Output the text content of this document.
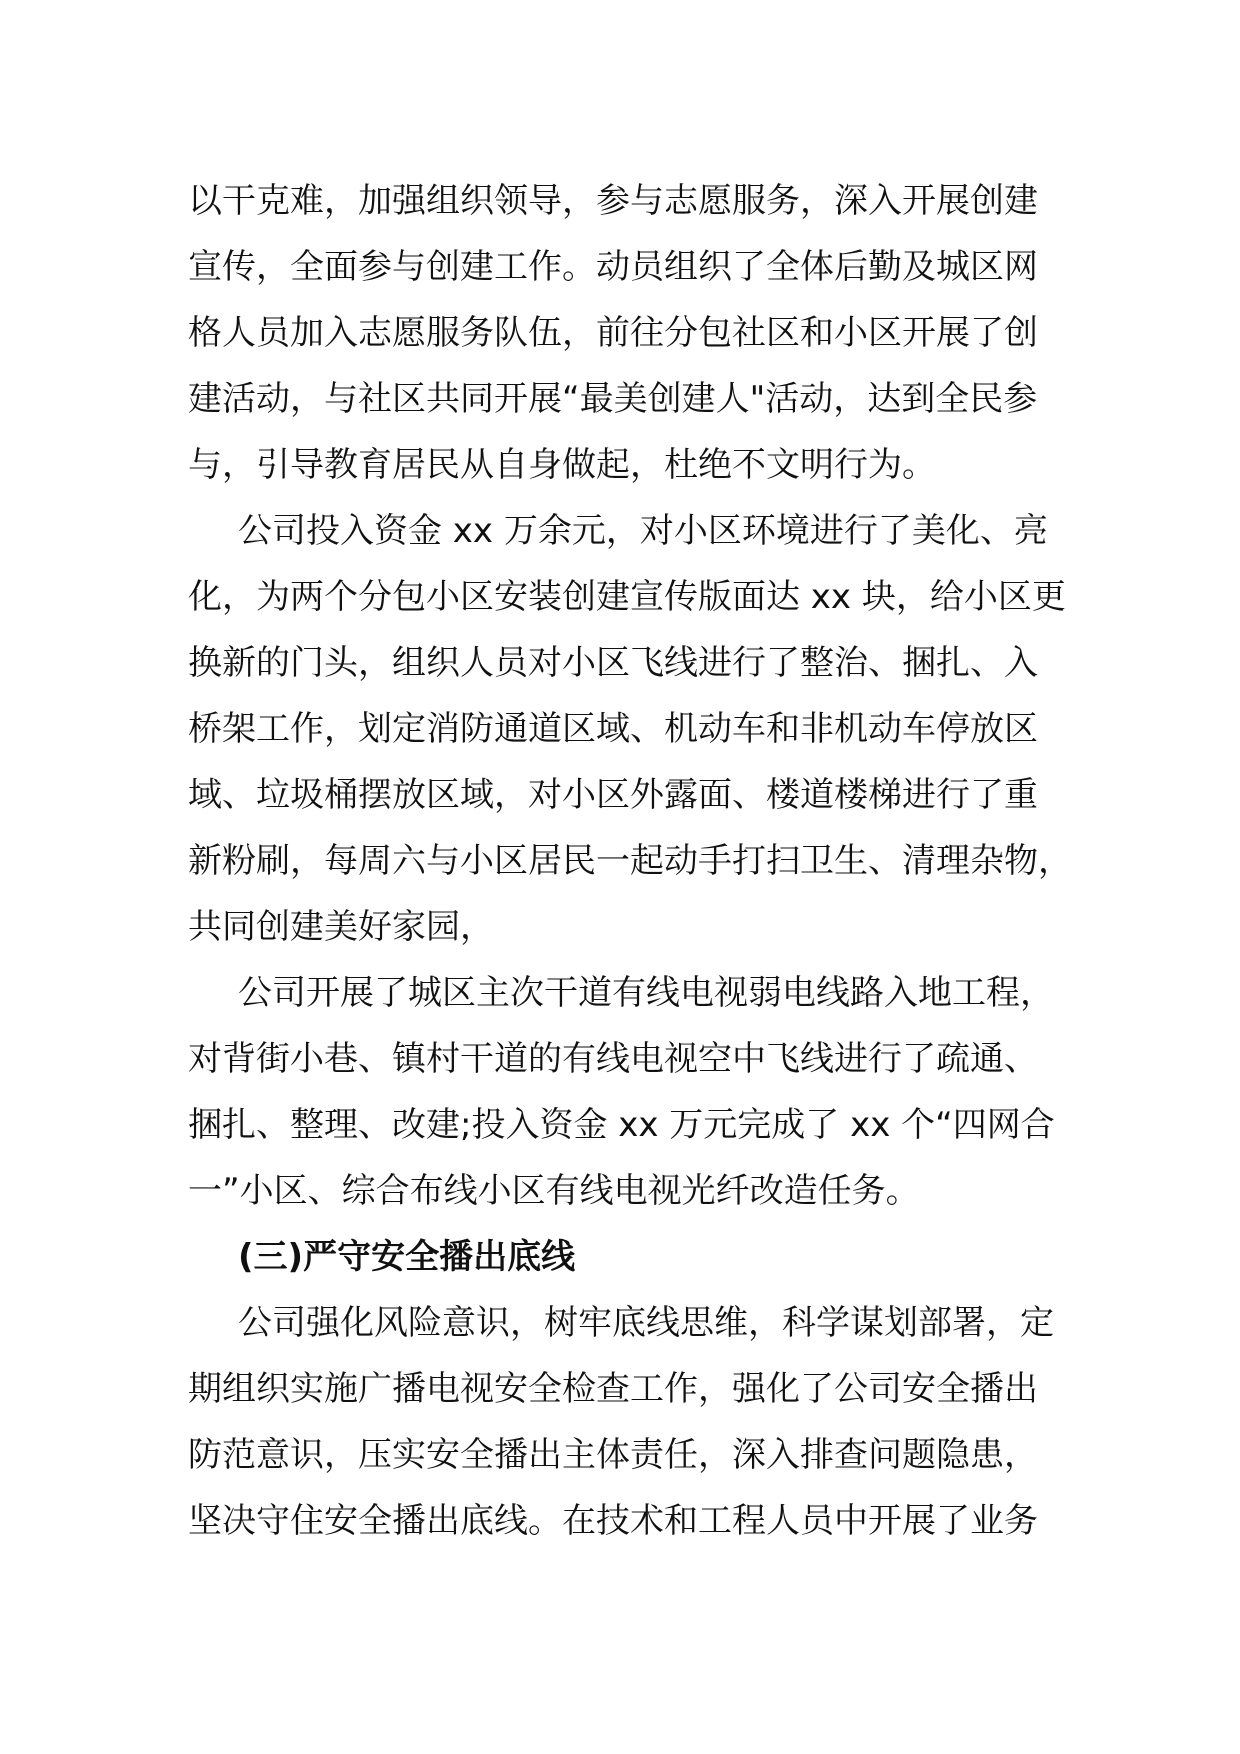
以干克难，加强组织领导，参与志愿服务，深入开展创建
宣传，全面参与创建工作。动员组织了全体后勤及城区网
格人员加入志愿服务队伍，前往分包社区和小区开展了创
建活动，与社区共同开展“最美创建人"活动，达到全民参
与，引导教育居民从自身做起，杜绝不文明行为。
公司投入资金 xx 万余元，对小区环境进行了美化、亮
化，为两个分包小区安装创建宣传版面达 xx 块，给小区更
换新的门头，组织人员对小区飞线进行了整治、捆扎、入
桥架工作，划定消防通道区域、机动车和非机动车停放区
域、垃圾桶摆放区域，对小区外露面、楼道楼梯进行了重
新粉刷，每周六与小区居民一起动手打扫卫生、清理杂物，
共同创建美好家园，
公司开展了城区主次干道有线电视弱电线路入地工程，
对背街小巷、镇村干道的有线电视空中飞线进行了疏通、
捆扎、整理、改建;投入资金 xx 万元完成了 xx 个“四网合
一”小区、综合布线小区有线电视光纤改造任务。
(三)严守安全播出底线
公司强化风险意识，树牢底线思维，科学谋划部署，定
期组织实施广播电视安全检查工作，强化了公司安全播出
防范意识，压实安全播出主体责任，深入排查问题隐患，
坚决守住安全播出底线。在技术和工程人员中开展了业务
